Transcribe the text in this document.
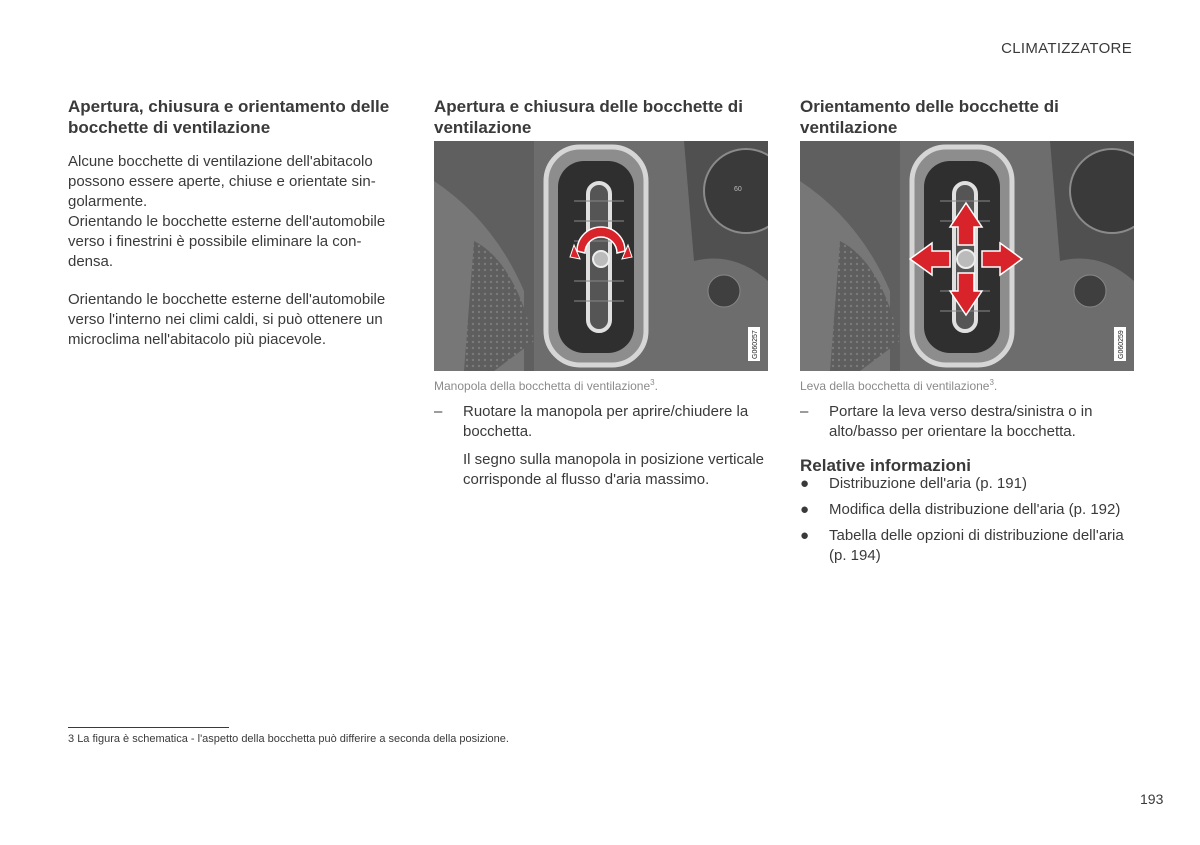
CLIMATIZZATORE
Apertura, chiusura e orientamento delle bocchette di ventilazione

Alcune bocchette di ventilazione dell'abitacolo possono essere aperte, chiuse e orientate sin-golarmente.

Orientando le bocchette esterne dell'automobile verso i finestrini è possibile eliminare la con-densa.

Orientando le bocchette esterne dell'automobile verso l'interno nei climi caldi, si può ottenere un microclima nell'abitacolo più piacevole.

Apertura e chiusura delle bocchette di ventilazione
60
G060257
Manopola della bocchetta di ventilazione$^3$.
– Ruotare la manopola per aprire/chiudere la bocchetta.
Il segno sulla manopola in posizione verticale corrisponde al flusso d'aria massimo.
Orientamento delle bocchette di ventilazione
G060259
Leva della bocchetta di ventilazione$^3$.
– Portare la leva verso destra/sinistra o in alto/basso per orientare la bocchetta.
Relative informazioni
● Distribuzione dell'aria (p. 191)
● Modifica della distribuzione dell'aria (p. 192)
● Tabella delle opzioni di distribuzione dell'aria (p. 194)
3 La figura è schematica - l'aspetto della bocchetta può differire a seconda della posizione.
193
